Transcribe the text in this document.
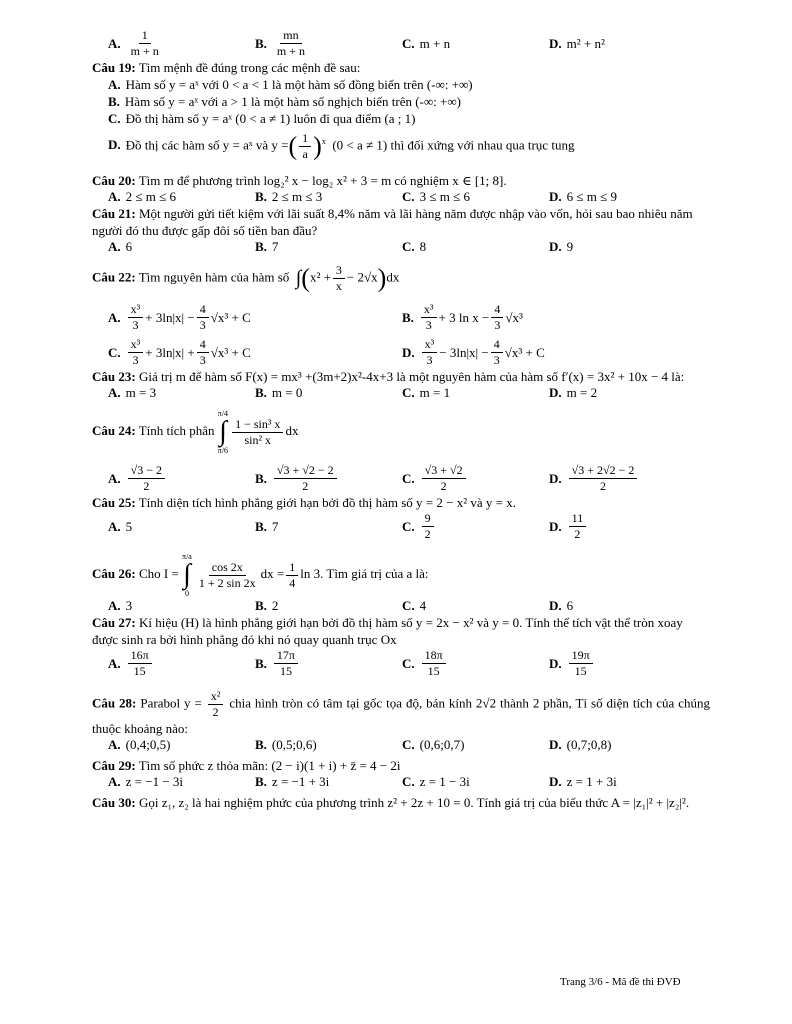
A. $\frac{1}{m + n}$	B. $\frac{mn}{m + n}$	C. m + n	D. m² + n²

Câu 19: Tìm mệnh đề đúng trong các mệnh đề sau:

A. Hàm số y = aˣ với 0 < a < 1 là một hàm số đồng biến trên (-∞: +∞)
B. Hàm số y = aˣ với a > 1 là một hàm số nghịch biến trên (-∞: +∞)
C. Đồ thị hàm số y = aˣ (0 < a ≠ 1) luôn đi qua điểm (a ; 1)
D. Đồ thị các hàm số y = aˣ và y =( $\frac{1}{a} )^x$ (0 < a ≠ 1) thì đối xứng với nhau qua trục tung

Câu 20: Tìm m để phương trình log₂² x − log₂ x² + 3 = m có nghiệm x ∈ [1; 8].

A. 2 ≤ m ≤ 6	B. 2 ≤ m ≤ 3	C. 3 ≤ m ≤ 6	D. 6 ≤ m ≤ 9

Câu 21: Một người gửi tiết kiệm với lãi suất 8,4% năm và lãi hàng năm được nhập vào vốn, hỏi sau bao nhiêu năm người đó thu được gấp đôi số tiền ban đầu?

A. 6	B. 7	C. 8	D. 9

Câu 22: Tìm nguyên hàm của hàm số $\int(x^2 + \frac{3}{x} - 2√x)dx$

A. $\frac{\text{x³}}{3} + 3\ln|x| - \frac{4}{3} √x^3 + C$	B. $\frac{\text{x³}}{3} + 3$ $\ln x - \frac{4}{3} √x^3$
C. $\frac{\text{x³}}{3} + 3\ln|x| + \frac{4}{3} √x^3 + C$	D. $\frac{\text{x³}}{3} - 3\ln|x| - \frac{4}{3} √x^3 + C$

Câu 23: Giá trị m để hàm số F(x) = mx³ +(3m+2)x²-4x+3 là một nguyên hàm của hàm số f′(x) = 3x² + 10x − 4 là:

A. m = 3	B. m = 0	C. m = 1	D. m = 2

Câu 24: Tính tích phân
π/4
∫
π/6
$\frac{\text{1 − sin³ x}}{\text{sin² x}}$ dx

A. $\frac{√3 - 2}{2}$	B. $\frac{√3 + √2 - 2}{2}$	C. $\frac{√3 + √2}{2}$	D. $\frac{√3 + 2√2 - 2}{2}$

Câu 25: Tính diện tích hình phẳng giới hạn bởi đồ thị hàm số y = 2 − x² và y = x.

A. 5	B. 7	C. $\frac{9}{2}$	D. $\frac{11}{2}$

Câu 26: Cho I =
π/a
∫
0
$\frac{\cos 2x}{1 + 2 \sin 2x}$ dx = $\frac{1}{4}$ ln 3. Tìm giá trị của a là:

A. 3	B. 2	C. 4	D. 6

Câu 27: Kí hiệu (H) là hình phẳng giới hạn bởi đồ thị hàm số y = 2x − x² và y = 0. Tính thể tích vật thể tròn xoay được sinh ra bởi hình phẳng đó khi nó quay quanh trục Ox

A. $\frac{16\pi}{15}$	B. $\frac{17\pi}{15}$	C. $\frac{18\pi}{15}$	D. $\frac{19\pi}{15}$

Câu 28: Parabol $y = \frac{\text{x²}}{2}$ chia hình tròn có tâm tại gốc tọa độ, bán kính 2√2 thành 2 phần, Tỉ số diện tích của chúng thuộc khoảng nào:

A. (0,4;0,5)	B. (0,5;0,6)	C. (0,6;0,7)	D. (0,7;0,8)

Câu 29: Tìm số phức z thỏa mãn: (2 − i)(1 + i) + z̄ = 4 − 2i

A. z = −1 − 3i	B. z = −1 + 3i	C. z = 1 − 3i	D. z = 1 + 3i

Câu 30: Gọi z₁, z₂ là hai nghiệm phức của phương trình z² + 2z + 10 = 0. Tính giá trị của biểu thức A = |z₁|² + |z₂|².

Trang 3/6 - Mã đề thi ĐVĐ
